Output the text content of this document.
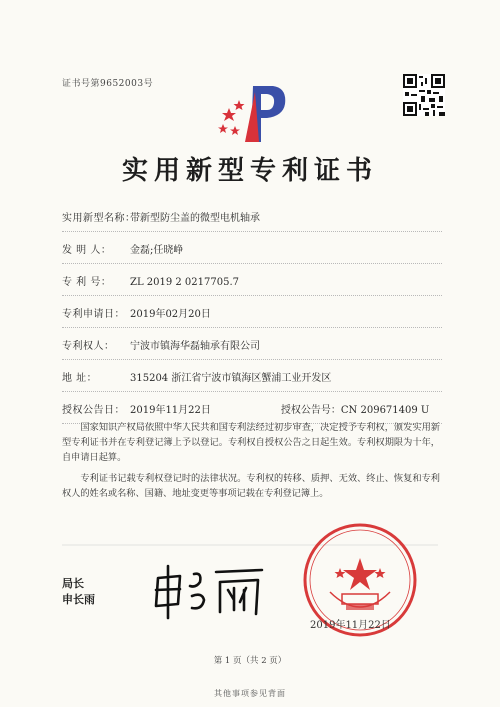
证书号第9652003号
实用新型专利证书
实用新型名称：
带新型防尘盖的微型电机轴承
发 明 人：	金磊;任晓峥
专 利 号：	ZL 2019 2 0217705.7
专利申请日： 2019年02月20日
专利权人：	宁波市镇海华磊轴承有限公司
地 址：	315204 浙江省宁波市镇海区蟹浦工业开发区
授权公告日： 2019年11月22日	授权公告号： CN 209671409 U

国家知识产权局依照中华人民共和国专利法经过初步审查，决定授予专利权，颁发实用新型专利证书并在专利登记簿上予以登记。专利权自授权公告之日起生效。专利权期限为十年，自申请日起算。

专利证书记载专利权登记时的法律状况。专利权的转移、质押、无效、终止、恢复和专利权人的姓名或名称、国籍、地址变更等事项记载在专利登记簿上。

局长
申长雨
2019年11月22日
第 1 页（共 2 页）
其他事项参见背面
